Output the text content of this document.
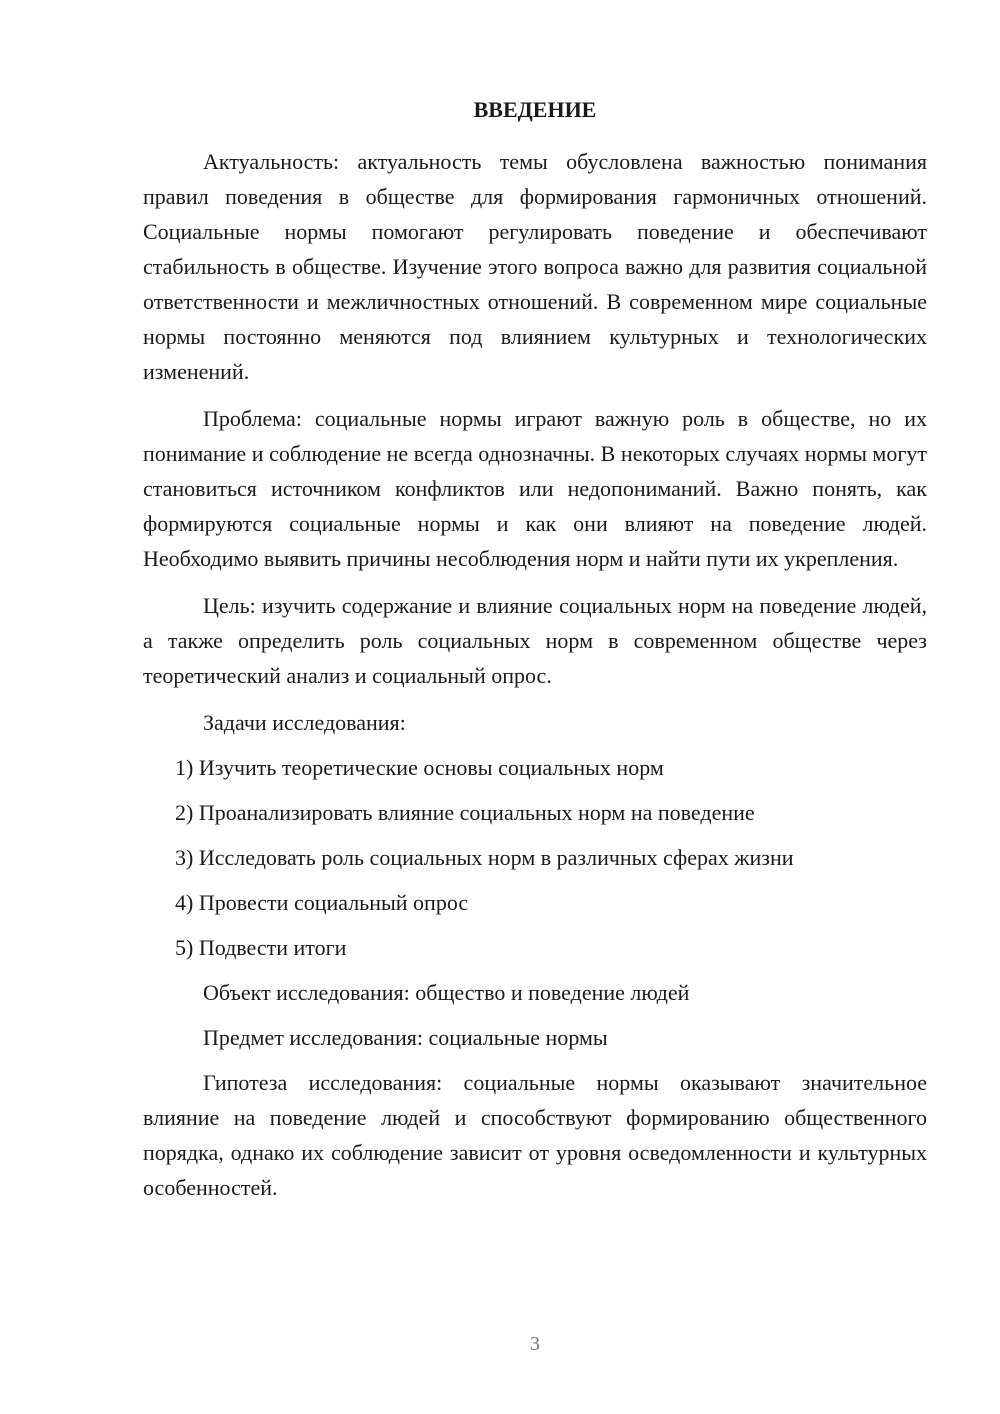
ВВЕДЕНИЕ

Актуальность: актуальность темы обусловлена важностью понимания правил поведения в обществе для формирования гармоничных отношений. Социальные нормы помогают регулировать поведение и обеспечивают стабильность в обществе. Изучение этого вопроса важно для развития социальной ответственности и межличностных отношений. В современном мире социальные нормы постоянно меняются под влиянием культурных и технологических изменений.

Проблема: социальные нормы играют важную роль в обществе, но их понимание и соблюдение не всегда однозначны. В некоторых случаях нормы могут становиться источником конфликтов или недопониманий. Важно понять, как формируются социальные нормы и как они влияют на поведение людей. Необходимо выявить причины несоблюдения норм и найти пути их укрепления.

Цель: изучить содержание и влияние социальных норм на поведение людей, а также определить роль социальных норм в современном обществе через теоретический анализ и социальный опрос.

Задачи исследования:
1) Изучить теоретические основы социальных норм
2) Проанализировать влияние социальных норм на поведение
3) Исследовать роль социальных норм в различных сферах жизни
4) Провести социальный опрос
5) Подвести итоги
Объект исследования: общество и поведение людей
Предмет исследования: социальные нормы

Гипотеза исследования: социальные нормы оказывают значительное влияние на поведение людей и способствуют формированию общественного порядка, однако их соблюдение зависит от уровня осведомленности и культурных особенностей.

3
